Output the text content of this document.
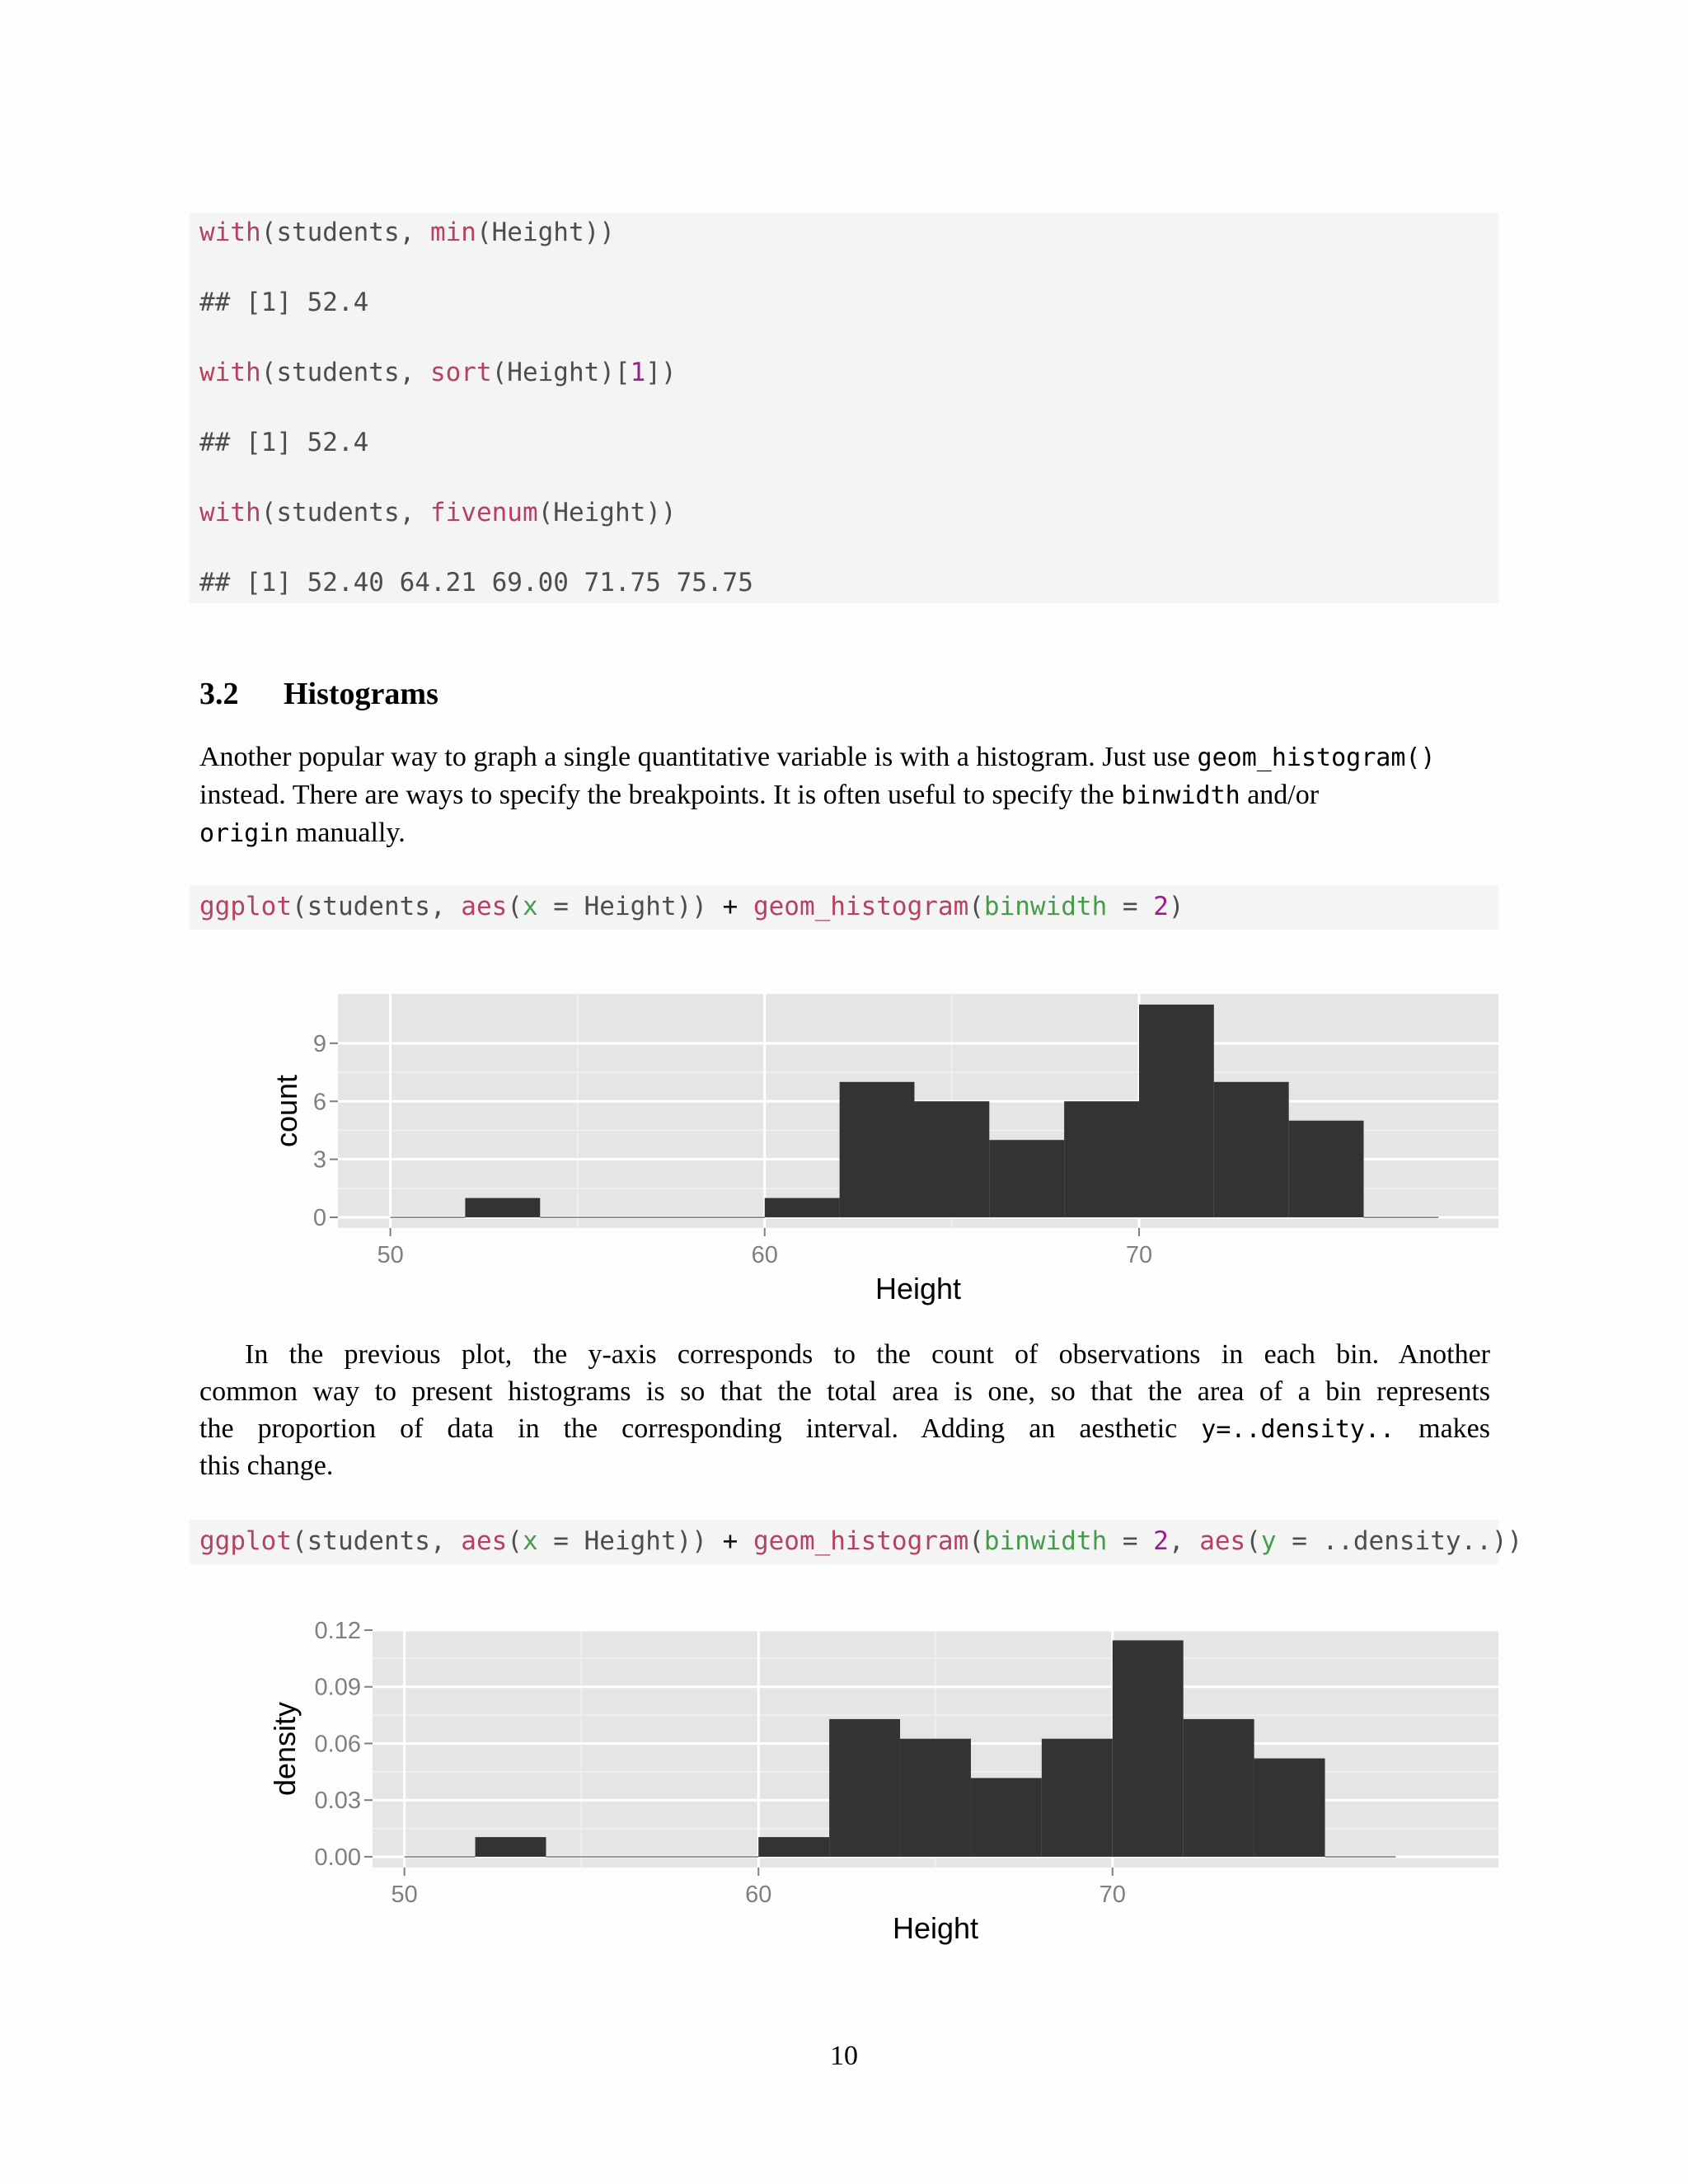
with(students, min(Height))
## [1] 52.4
with(students, sort(Height)[1])
## [1] 52.4
with(students, fivenum(Height))
## [1] 52.40 64.21 69.00 71.75 75.75
3.2 Histograms
Another popular way to graph a single quantitative variable is with a histogram. Just use geom_histogram()
instead. There are ways to specify the breakpoints. It is often useful to specify the binwidth and/or
origin manually.
ggplot(students, aes(x = Height)) + geom_histogram(binwidth = 2)
0
3
6
9
50	60	70
Height
count
In the previous plot, the y-axis corresponds to the count of observations in each bin. Another
common way to present histograms is so that the total area is one, so that the area of a bin represents
the proportion of data in the corresponding interval. Adding an aesthetic y=..density.. makes
this change.
ggplot(students, aes(x = Height)) + geom_histogram(binwidth = 2, aes(y = ..density..))
0.00
0.03
0.06
0.09
0.12
50	60	70
Height
density
10
